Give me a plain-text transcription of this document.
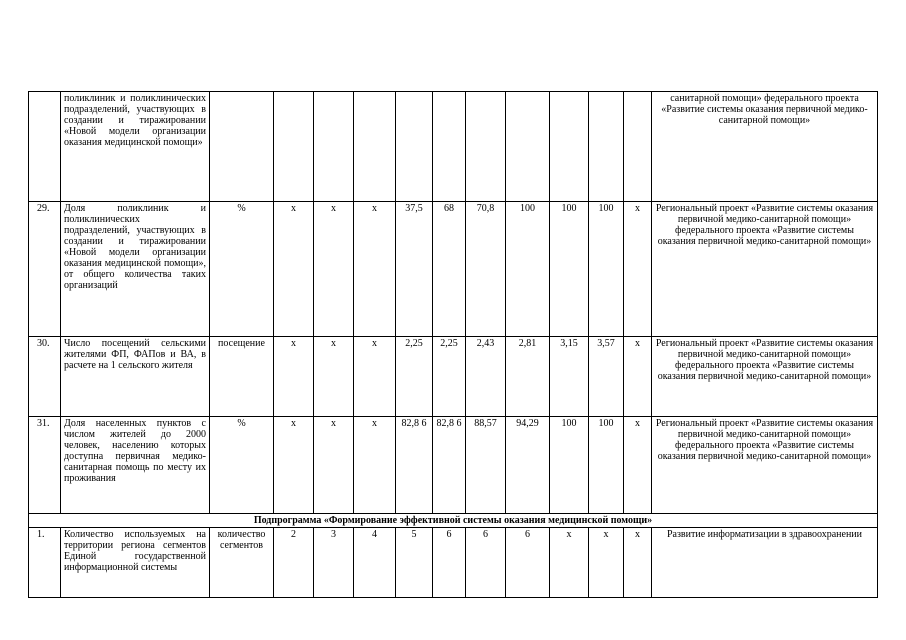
	поликлиник и поликлинических подразделений, участвующих в создании и тиражировании «Новой модели организации оказания медицинской помощи»												санитарной помощи» федерального проекта «Развитие системы оказания первичной медико-санитарной помощи»
29.	Доля поликлиник и поликлинических подразделений, участвующих в создании и тиражировании «Новой модели организации оказания медицинской помощи», от общего количества таких организаций	%	х	х	х	37,5	68	70,8	100	100	100	х	Региональный проект «Развитие системы оказания первичной медико-санитарной помощи» федерального проекта «Развитие системы оказания первичной медико-санитарной помощи»
30.	Число посещений сельскими жителями ФП, ФАПов и ВА, в расчете на 1 сельского жителя	посещение	х	х	х	2,25	2,25	2,43	2,81	3,15	3,57	х	Региональный проект «Развитие системы оказания первичной медико-санитарной помощи» федерального проекта «Развитие системы оказания первичной медико-санитарной помощи»
31.	Доля населенных пунктов с числом жителей до 2000 человек, населению которых доступна первичная медико-санитарная помощь по месту их проживания	%	х	х	х	82,8 6	82,8 6	88,57	94,29	100	100	х	Региональный проект «Развитие системы оказания первичной медико-санитарной помощи» федерального проекта «Развитие системы оказания первичной медико-санитарной помощи»
Подпрограмма «Формирование эффективной системы оказания медицинской помощи»													
1.	Количество используемых на территории региона сегментов Единой государственной информационной системы	количество сегментов	2	3	4	5	6	6	6	х	х	х	Развитие информатизации в здравоохранении
